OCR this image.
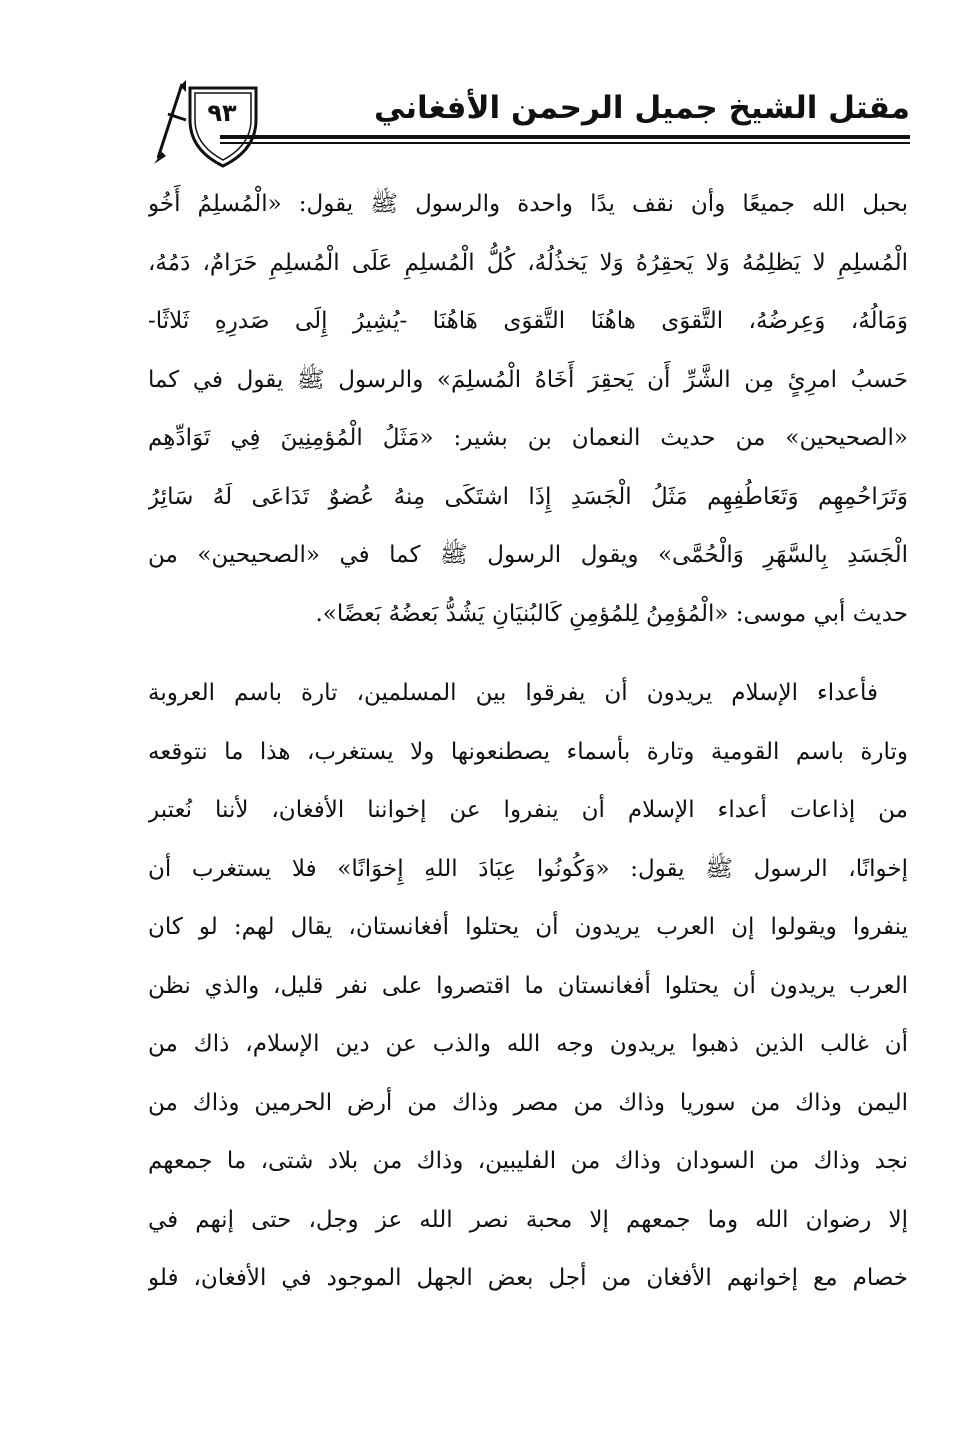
٩٣	مقتل الشيخ جميل الرحمن الأفغاني
بحبل الله جميعًا وأن نقف يدًا واحدة والرسول ﷺ يقول: «الْمُسلِمُ أَخُو
الْمُسلِمِ لا يَظلِمُهُ وَلا يَحقِرُهُ وَلا يَخذُلُهُ، كُلُّ الْمُسلِمِ عَلَى الْمُسلِمِ حَرَامٌ، دَمُهُ،
وَمَالُهُ، وَعِرضُهُ، التَّقوَى هاهُنَا التَّقوَى هَاهُنَا -يُشِيرُ إِلَى صَدرِهِ ثَلاثًا-
حَسبُ امرِئٍ مِن الشَّرِّ أَن يَحقِرَ أَخَاهُ الْمُسلِمَ» والرسول ﷺ يقول في كما
«الصحيحين» من حديث النعمان بن بشير: «مَثَلُ الْمُؤمِنِينَ فِي تَوَادِّهِم
وَتَرَاحُمِهِم وَتَعَاطُفِهِم مَثَلُ الْجَسَدِ إِذَا اشتَكَى مِنهُ عُضوٌ تَدَاعَى لَهُ سَائِرُ
الْجَسَدِ بِالسَّهَرِ وَالْحُمَّى» ويقول الرسول ﷺ كما في «الصحيحين» من
حديث أبي موسى: «الْمُؤمِنُ لِلمُؤمِنِ كَالبُنيَانِ يَشُدُّ بَعضُهُ بَعضًا».
فأعداء الإسلام يريدون أن يفرقوا بين المسلمين، تارة باسم العروبة
وتارة باسم القومية وتارة بأسماء يصطنعونها ولا يستغرب، هذا ما نتوقعه
من إذاعات أعداء الإسلام أن ينفروا عن إخواننا الأفغان، لأننا نُعتبر
إخوانًا، الرسول ﷺ يقول: «وَكُونُوا عِبَادَ اللهِ إِخوَانًا» فلا يستغرب أن
ينفروا ويقولوا إن العرب يريدون أن يحتلوا أفغانستان، يقال لهم: لو كان
العرب يريدون أن يحتلوا أفغانستان ما اقتصروا على نفر قليل، والذي نظن
أن غالب الذين ذهبوا يريدون وجه الله والذب عن دين الإسلام، ذاك من
اليمن وذاك من سوريا وذاك من مصر وذاك من أرض الحرمين وذاك من
نجد وذاك من السودان وذاك من الفليبين، وذاك من بلاد شتى، ما جمعهم
إلا رضوان الله وما جمعهم إلا محبة نصر الله عز وجل، حتى إنهم في
خصام مع إخوانهم الأفغان من أجل بعض الجهل الموجود في الأفغان، فلو
